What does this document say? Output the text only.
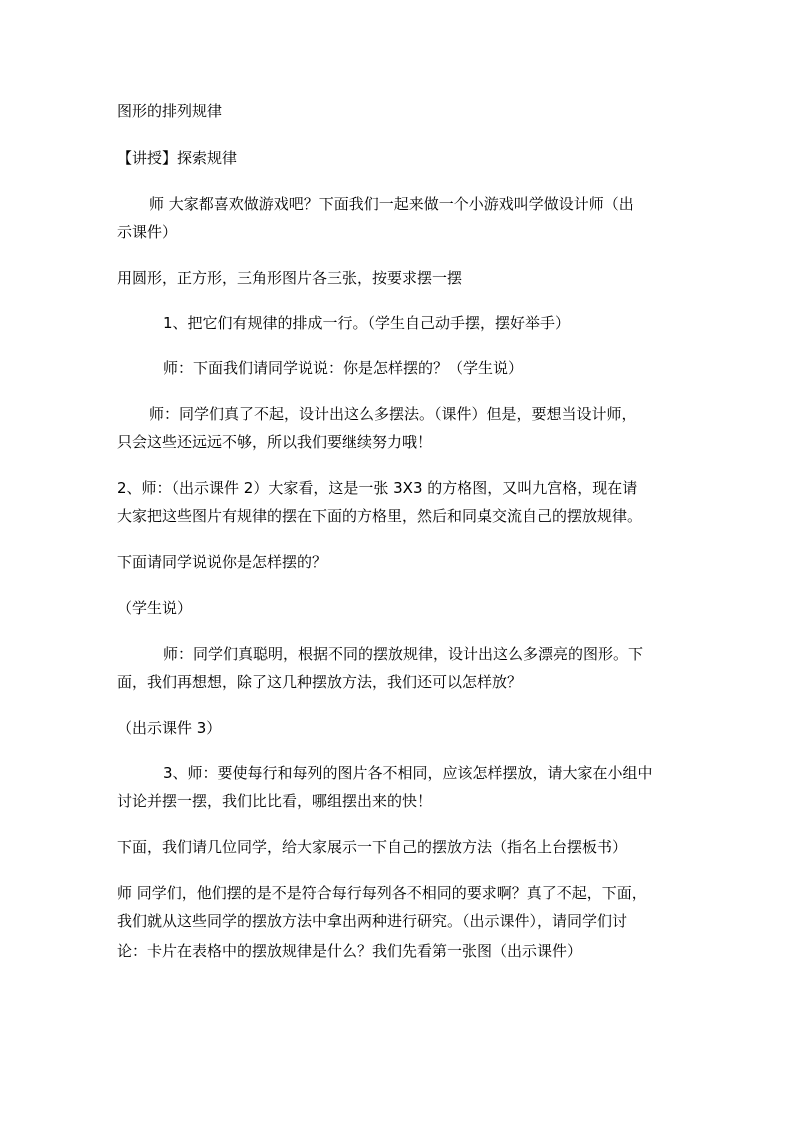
图形的排列规律
【讲授】探索规律
师 大家都喜欢做游戏吧？下面我们一起来做一个小游戏叫学做设计师（出
示课件）
用圆形，正方形，三角形图片各三张，按要求摆一摆
1、把它们有规律的排成一行。（学生自己动手摆，摆好举手）
师：下面我们请同学说说：你是怎样摆的？（学生说）
师：同学们真了不起，设计出这么多摆法。（课件）但是，要想当设计师，
只会这些还远远不够，所以我们要继续努力哦！
2、师：（出示课件 2）大家看，这是一张 3X3 的方格图，又叫九宫格，现在请
大家把这些图片有规律的摆在下面的方格里，然后和同桌交流自己的摆放规律。
下面请同学说说你是怎样摆的？
（学生说）
师：同学们真聪明，根据不同的摆放规律，设计出这么多漂亮的图形。下
面，我们再想想，除了这几种摆放方法，我们还可以怎样放？
（出示课件 3）
3、师：要使每行和每列的图片各不相同，应该怎样摆放，请大家在小组中
讨论并摆一摆，我们比比看，哪组摆出来的快！
下面，我们请几位同学，给大家展示一下自己的摆放方法（指名上台摆板书）
师 同学们，他们摆的是不是符合每行每列各不相同的要求啊？真了不起，下面，
我们就从这些同学的摆放方法中拿出两种进行研究。（出示课件），请同学们讨
论：卡片在表格中的摆放规律是什么？我们先看第一张图（出示课件）
